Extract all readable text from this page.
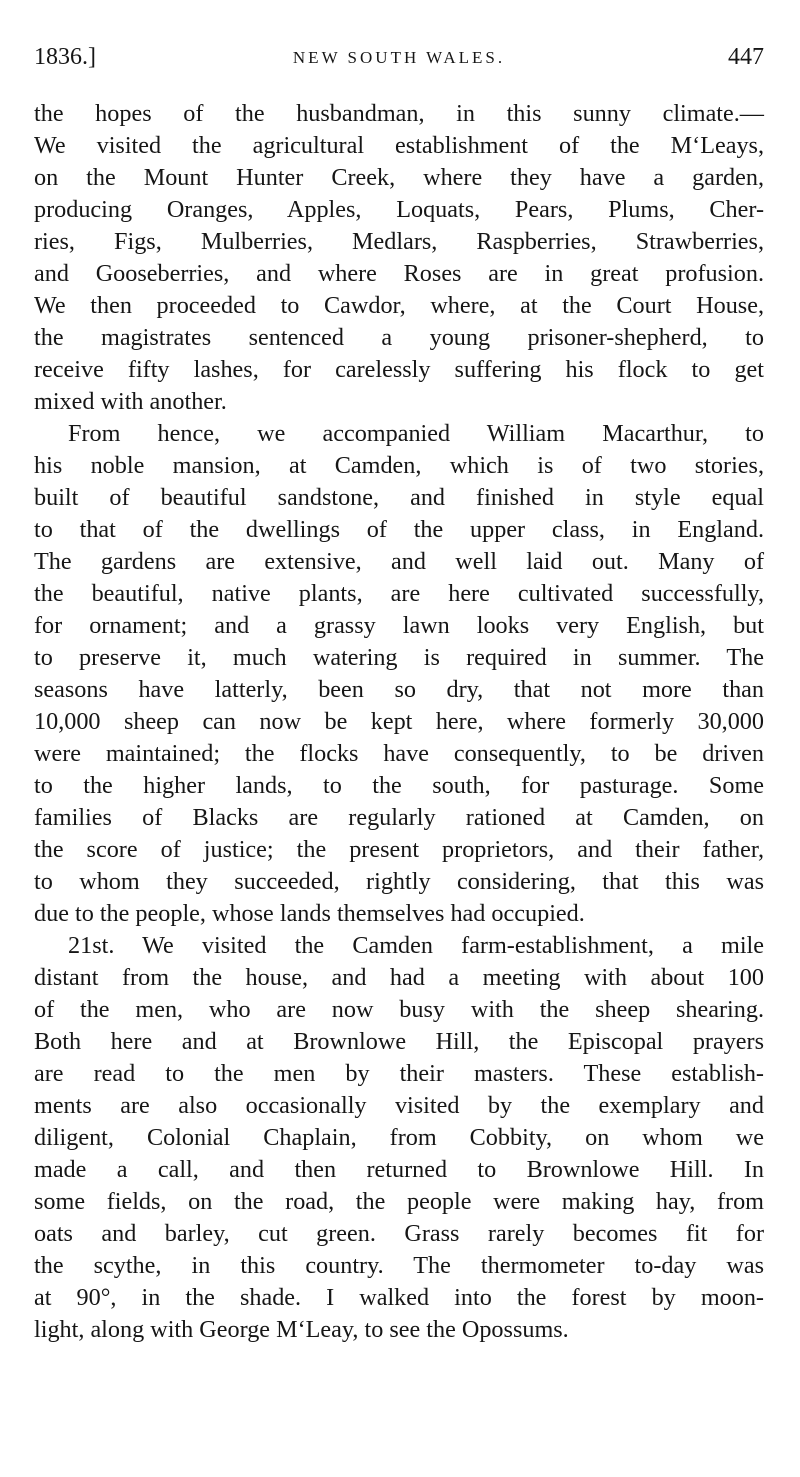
1836.]	NEW SOUTH WALES.	447
the hopes of the husbandman, in this sunny climate.—
We visited the agricultural establishment of the M‘Leays,
on the Mount Hunter Creek, where they have a garden,
producing Oranges, Apples, Loquats, Pears, Plums, Cher-
ries, Figs, Mulberries, Medlars, Raspberries, Strawberries,
and Gooseberries, and where Roses are in great profusion.
We then proceeded to Cawdor, where, at the Court House,
the magistrates sentenced a young prisoner-shepherd, to
receive fifty lashes, for carelessly suffering his flock to get
mixed with another.
From hence, we accompanied William Macarthur, to
his noble mansion, at Camden, which is of two stories,
built of beautiful sandstone, and finished in style equal
to that of the dwellings of the upper class, in England.
The gardens are extensive, and well laid out. Many of
the beautiful, native plants, are here cultivated successfully,
for ornament; and a grassy lawn looks very English, but
to preserve it, much watering is required in summer. The
seasons have latterly, been so dry, that not more than
10,000 sheep can now be kept here, where formerly 30,000
were maintained; the flocks have consequently, to be driven
to the higher lands, to the south, for pasturage. Some
families of Blacks are regularly rationed at Camden, on
the score of justice; the present proprietors, and their father,
to whom they succeeded, rightly considering, that this was
due to the people, whose lands themselves had occupied.
21st. We visited the Camden farm-establishment, a mile
distant from the house, and had a meeting with about 100
of the men, who are now busy with the sheep shearing.
Both here and at Brownlowe Hill, the Episcopal prayers
are read to the men by their masters. These establish-
ments are also occasionally visited by the exemplary and
diligent, Colonial Chaplain, from Cobbity, on whom we
made a call, and then returned to Brownlowe Hill. In
some fields, on the road, the people were making hay, from
oats and barley, cut green. Grass rarely becomes fit for
the scythe, in this country. The thermometer to-day was
at 90°, in the shade. I walked into the forest by moon-
light, along with George M‘Leay, to see the Opossums.
